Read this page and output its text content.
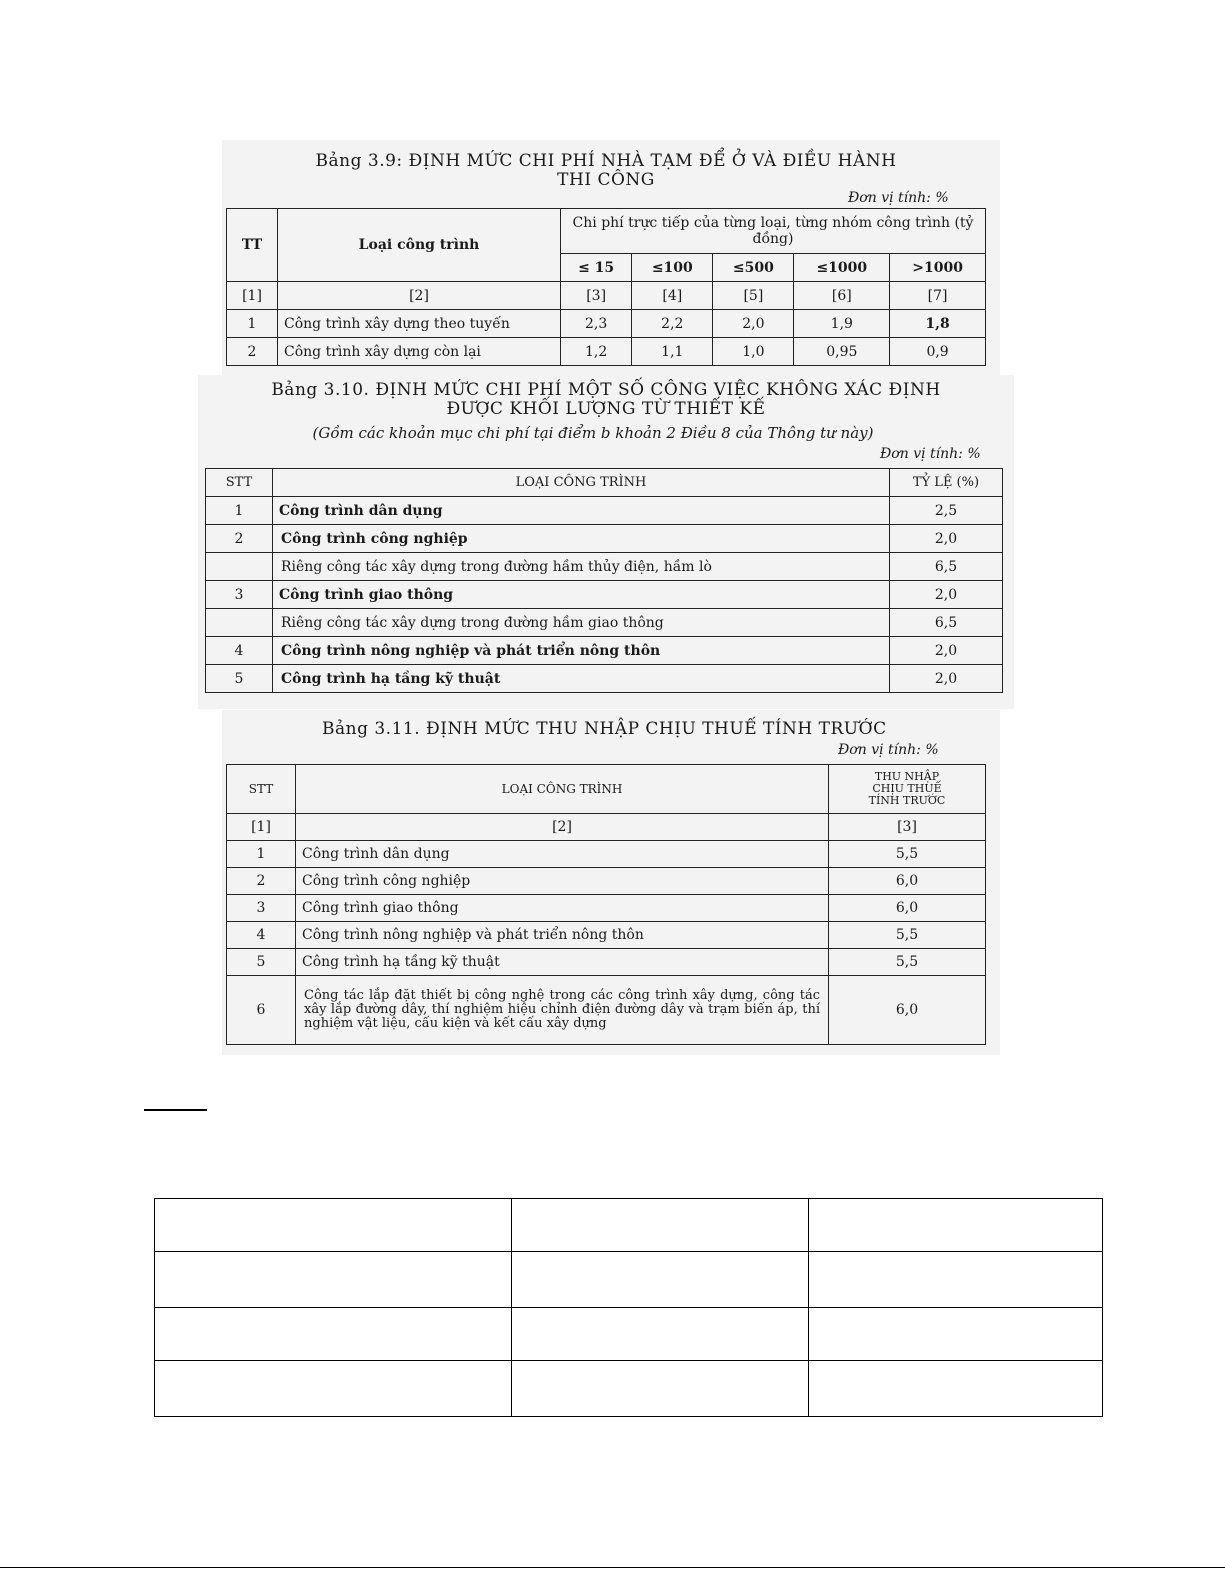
Bảng 3.9: ĐỊNH MỨC CHI PHÍ NHÀ TẠM ĐỂ Ở VÀ ĐIỀU HÀNH
THI CÔNG
Đơn vị tính: %
TT	Loại công trình	Chi phí trực tiếp của từng loại, từng nhóm công trình (tỷ đồng)				
		≤ 15	≤100	≤500	≤1000	>1000
[1]	[2]	[3]	[4]	[5]	[6]	[7]
1	Công trình xây dựng theo tuyến	2,3	2,2	2,0	1,9	1,8
2	Công trình xây dựng còn lại	1,2	1,1	1,0	0,95	0,9
Bảng 3.10. ĐỊNH MỨC CHI PHÍ MỘT SỐ CÔNG VIỆC KHÔNG XÁC ĐỊNH
ĐƯỢC KHỐI LƯỢNG TỪ THIẾT KẾ
(Gồm các khoản mục chi phí tại điểm b khoản 2 Điều 8 của Thông tư này)
Đơn vị tính: %
STT	LOẠI CÔNG TRÌNH	TỶ LỆ (%)
1	Công trình dân dụng	2,5
2	Công trình công nghiệp	2,0
	Riêng công tác xây dựng trong đường hầm thủy điện, hầm lò	6,5
3	Công trình giao thông	2,0
	Riêng công tác xây dựng trong đường hầm giao thông	6,5
4	Công trình nông nghiệp và phát triển nông thôn	2,0
5	Công trình hạ tầng kỹ thuật	2,0
Bảng 3.11. ĐỊNH MỨC THU NHẬP CHỊU THUẾ TÍNH TRƯỚC
Đơn vị tính: %
STT	LOẠI CÔNG TRÌNH	THU NHẬP
CHỊU THUẾ
TÍNH TRƯỚC

[1]	[2]	[3]
1	Công trình dân dụng	5,5
2	Công trình công nghiệp	6,0
3	Công trình giao thông	6,0
4	Công trình nông nghiệp và phát triển nông thôn	5,5
5	Công trình hạ tầng kỹ thuật	5,5
6	Công tác lắp đặt thiết bị công nghệ trong các công trình xây dựng, công tác xây lắp đường dây, thí nghiệm hiệu chỉnh điện đường dây và trạm biến áp, thí nghiệm vật liệu, cấu kiện và kết cấu xây dựng	6,0
